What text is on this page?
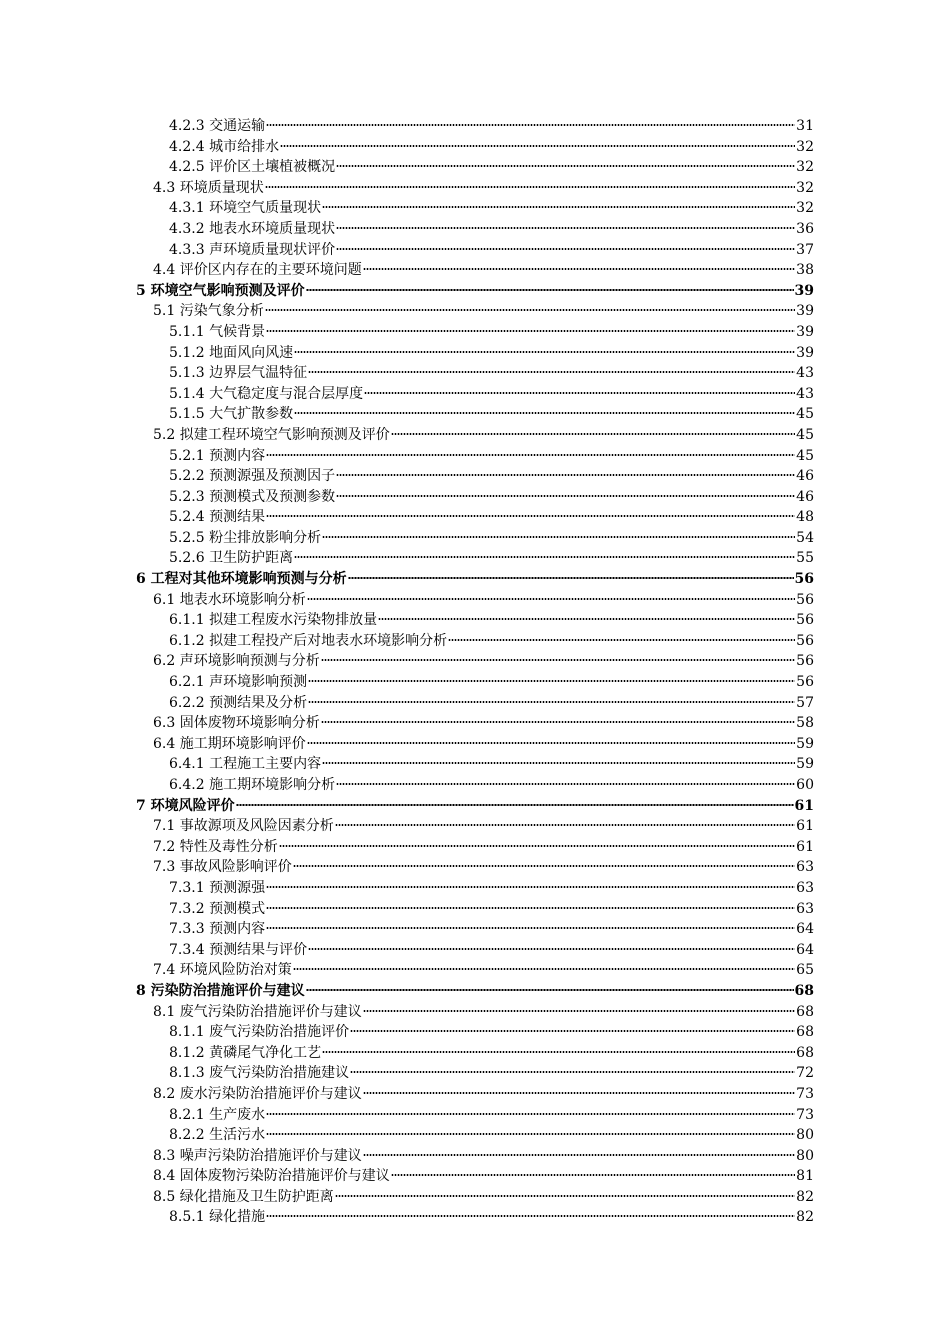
4.2.3 交通运输	31
4.2.4 城市给排水	32
4.2.5 评价区土壤植被概况	32
4.3 环境质量现状	32
4.3.1 环境空气质量现状	32
4.3.2 地表水环境质量现状	36
4.3.3 声环境质量现状评价	37
4.4 评价区内存在的主要环境问题	38
5 环境空气影响预测及评价	39
5.1 污染气象分析	39
5.1.1 气候背景	39
5.1.2 地面风向风速	39
5.1.3 边界层气温特征	43
5.1.4 大气稳定度与混合层厚度	43
5.1.5 大气扩散参数	45
5.2 拟建工程环境空气影响预测及评价	45
5.2.1 预测内容	45
5.2.2 预测源强及预测因子	46
5.2.3 预测模式及预测参数	46
5.2.4 预测结果	48
5.2.5 粉尘排放影响分析	54
5.2.6 卫生防护距离	55
6 工程对其他环境影响预测与分析	56
6.1 地表水环境影响分析	56
6.1.1 拟建工程废水污染物排放量	56
6.1.2 拟建工程投产后对地表水环境影响分析	56
6.2 声环境影响预测与分析	56
6.2.1 声环境影响预测	56
6.2.2 预测结果及分析	57
6.3 固体废物环境影响分析	58
6.4 施工期环境影响评价	59
6.4.1 工程施工主要内容	59
6.4.2 施工期环境影响分析	60
7 环境风险评价	61
7.1 事故源项及风险因素分析	61
7.2 特性及毒性分析	61
7.3 事故风险影响评价	63
7.3.1 预测源强	63
7.3.2 预测模式	63
7.3.3 预测内容	64
7.3.4 预测结果与评价	64
7.4 环境风险防治对策	65
8 污染防治措施评价与建议	68
8.1 废气污染防治措施评价与建议	68
8.1.1 废气污染防治措施评价	68
8.1.2 黄磷尾气净化工艺	68
8.1.3 废气污染防治措施建议	72
8.2 废水污染防治措施评价与建议	73
8.2.1 生产废水	73
8.2.2 生活污水	80
8.3 噪声污染防治措施评价与建议	80
8.4 固体废物污染防治措施评价与建议	81
8.5 绿化措施及卫生防护距离	82
8.5.1 绿化措施	82
